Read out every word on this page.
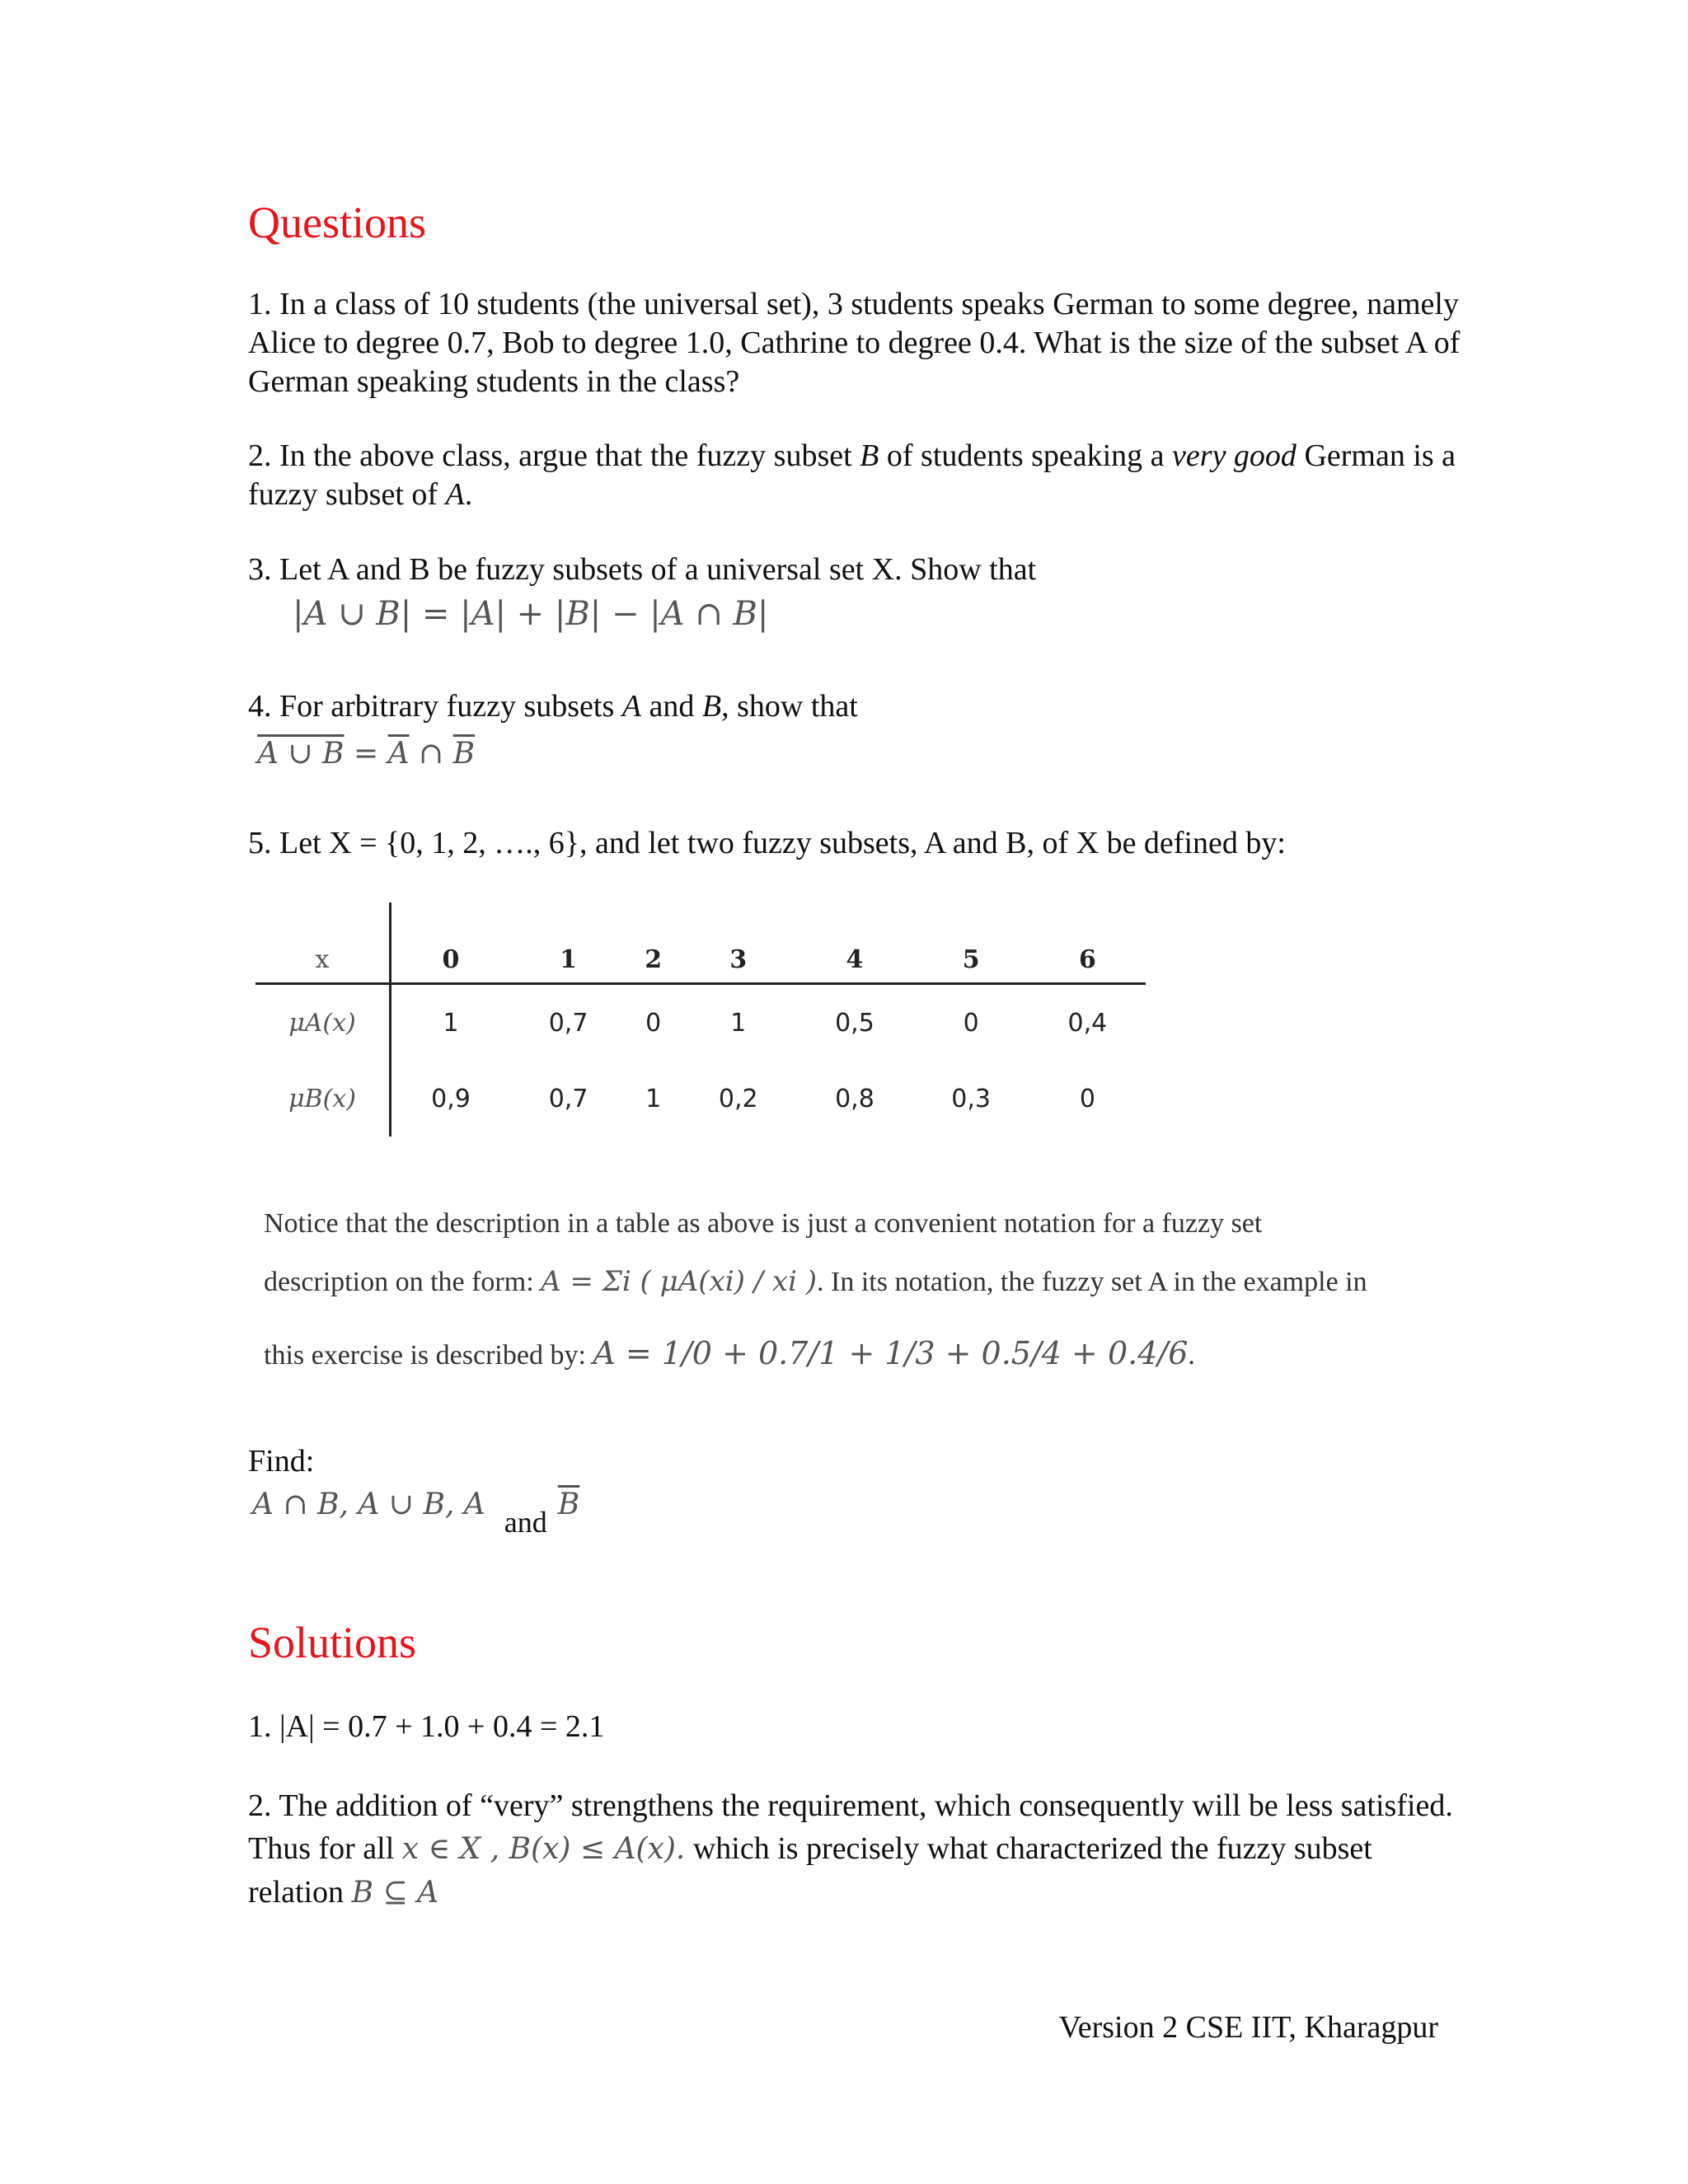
Questions

1. In a class of 10 students (the universal set), 3 students speaks German to some degree, namely Alice to degree 0.7, Bob to degree 1.0, Cathrine to degree 0.4. What is the size of the subset A of German speaking students in the class?

2. In the above class, argue that the fuzzy subset B of students speaking a very good German is a fuzzy subset of A.

3. Let A and B be fuzzy subsets of a universal set X. Show that

|A ∪ B| = |A| + |B| − |A ∩ B|

4. For arbitrary fuzzy subsets A and B, show that

A ∪ $B = \overline{A}$ ∩ $\overline{B}$

5. Let X = {0, 1, 2, …., 6}, and let two fuzzy subsets, A and B, of X be defined by:

x	0	1	2	3	4	5	6
μA(x)	1	0,7	0	1	0,5	0	0,4
μB(x)	0,9	0,7	1	0,2	0,8	0,3	0
Notice that the description in a table as above is just a convenient notation for a fuzzy set
description on the form: A = Σi ( μA(xi) / xi ). In its notation, the fuzzy set A in the example in
this exercise is described by: A = 1/0 + 0.7/1 + 1/3 + 0.5/4 + 0.4/6.

Find:

A ∩ B, A ∪ B, A and $\overline{B}$
Solutions

1. |A| = 0.7 + 1.0 + 0.4 = 2.1

2. The addition of “very” strengthens the requirement, which consequently will be less satisfied. Thus for all x ∈ X , B(x) ≤ A(x). which is precisely what characterized the fuzzy subset relation B ⊆ A

Version 2 CSE IIT, Kharagpur
